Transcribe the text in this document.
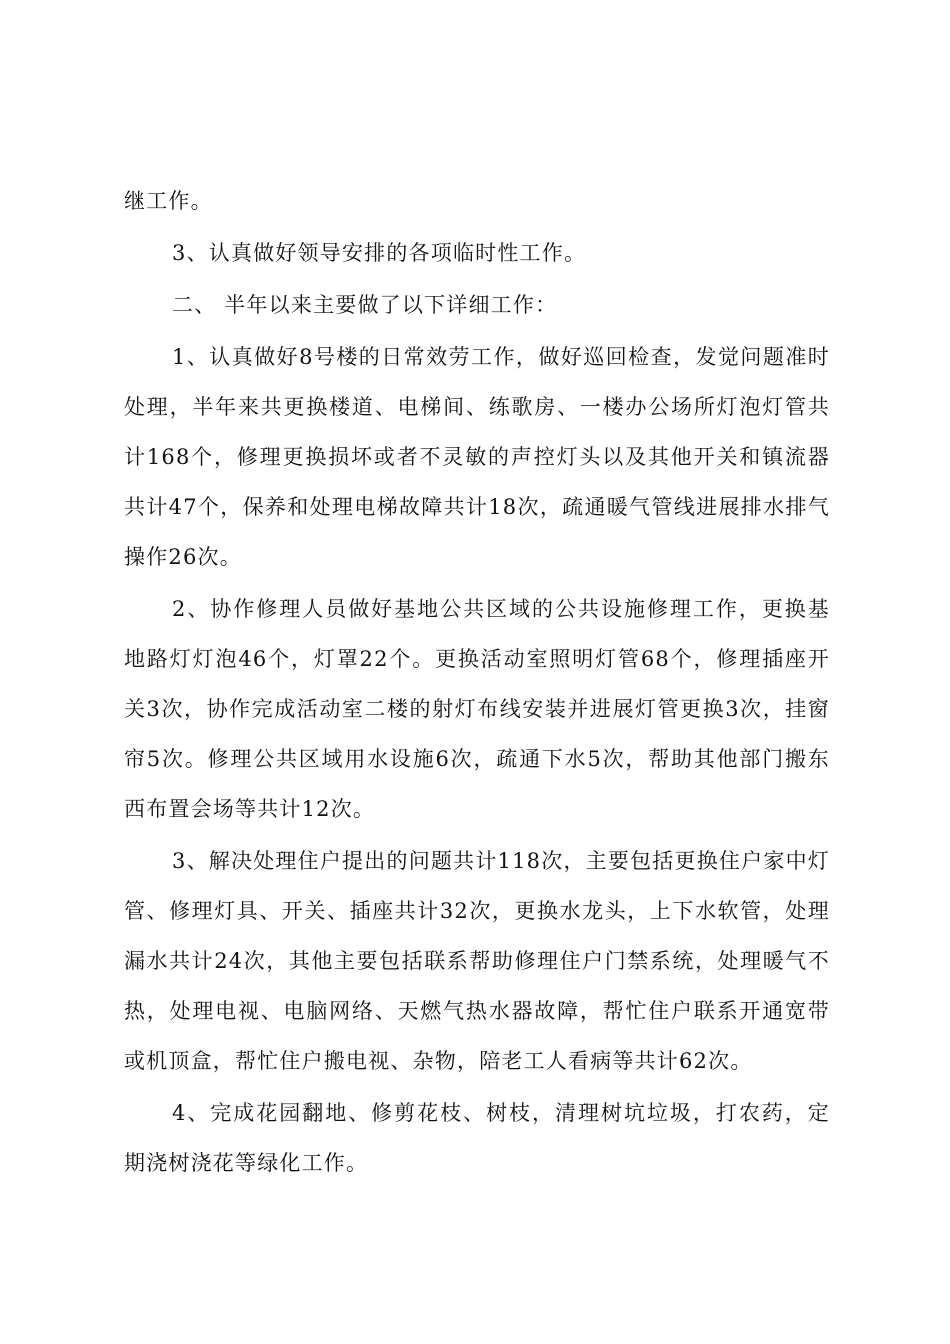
继工作。

3、认真做好领导安排的各项临时性工作。

二、 半年以来主要做了以下详细工作：

1、认真做好8号楼的日常效劳工作，做好巡回检查，发觉问题准时处理，半年来共更换楼道、电梯间、练歌房、一楼办公场所灯泡灯管共计168个，修理更换损坏或者不灵敏的声控灯头以及其他开关和镇流器共计47个，保养和处理电梯故障共计18次，疏通暖气管线进展排水排气操作26次。

2、协作修理人员做好基地公共区域的公共设施修理工作，更换基地路灯灯泡46个，灯罩22个。更换活动室照明灯管68个，修理插座开关3次，协作完成活动室二楼的射灯布线安装并进展灯管更换3次，挂窗帘5次。修理公共区域用水设施6次，疏通下水5次，帮助其他部门搬东西布置会场等共计12次。

3、解决处理住户提出的问题共计118次，主要包括更换住户家中灯管、修理灯具、开关、插座共计32次，更换水龙头，上下水软管，处理漏水共计24次，其他主要包括联系帮助修理住户门禁系统，处理暖气不热，处理电视、电脑网络、天燃气热水器故障，帮忙住户联系开通宽带或机顶盒，帮忙住户搬电视、杂物，陪老工人看病等共计62次。

4、完成花园翻地、修剪花枝、树枝，清理树坑垃圾，打农药，定期浇树浇花等绿化工作。
